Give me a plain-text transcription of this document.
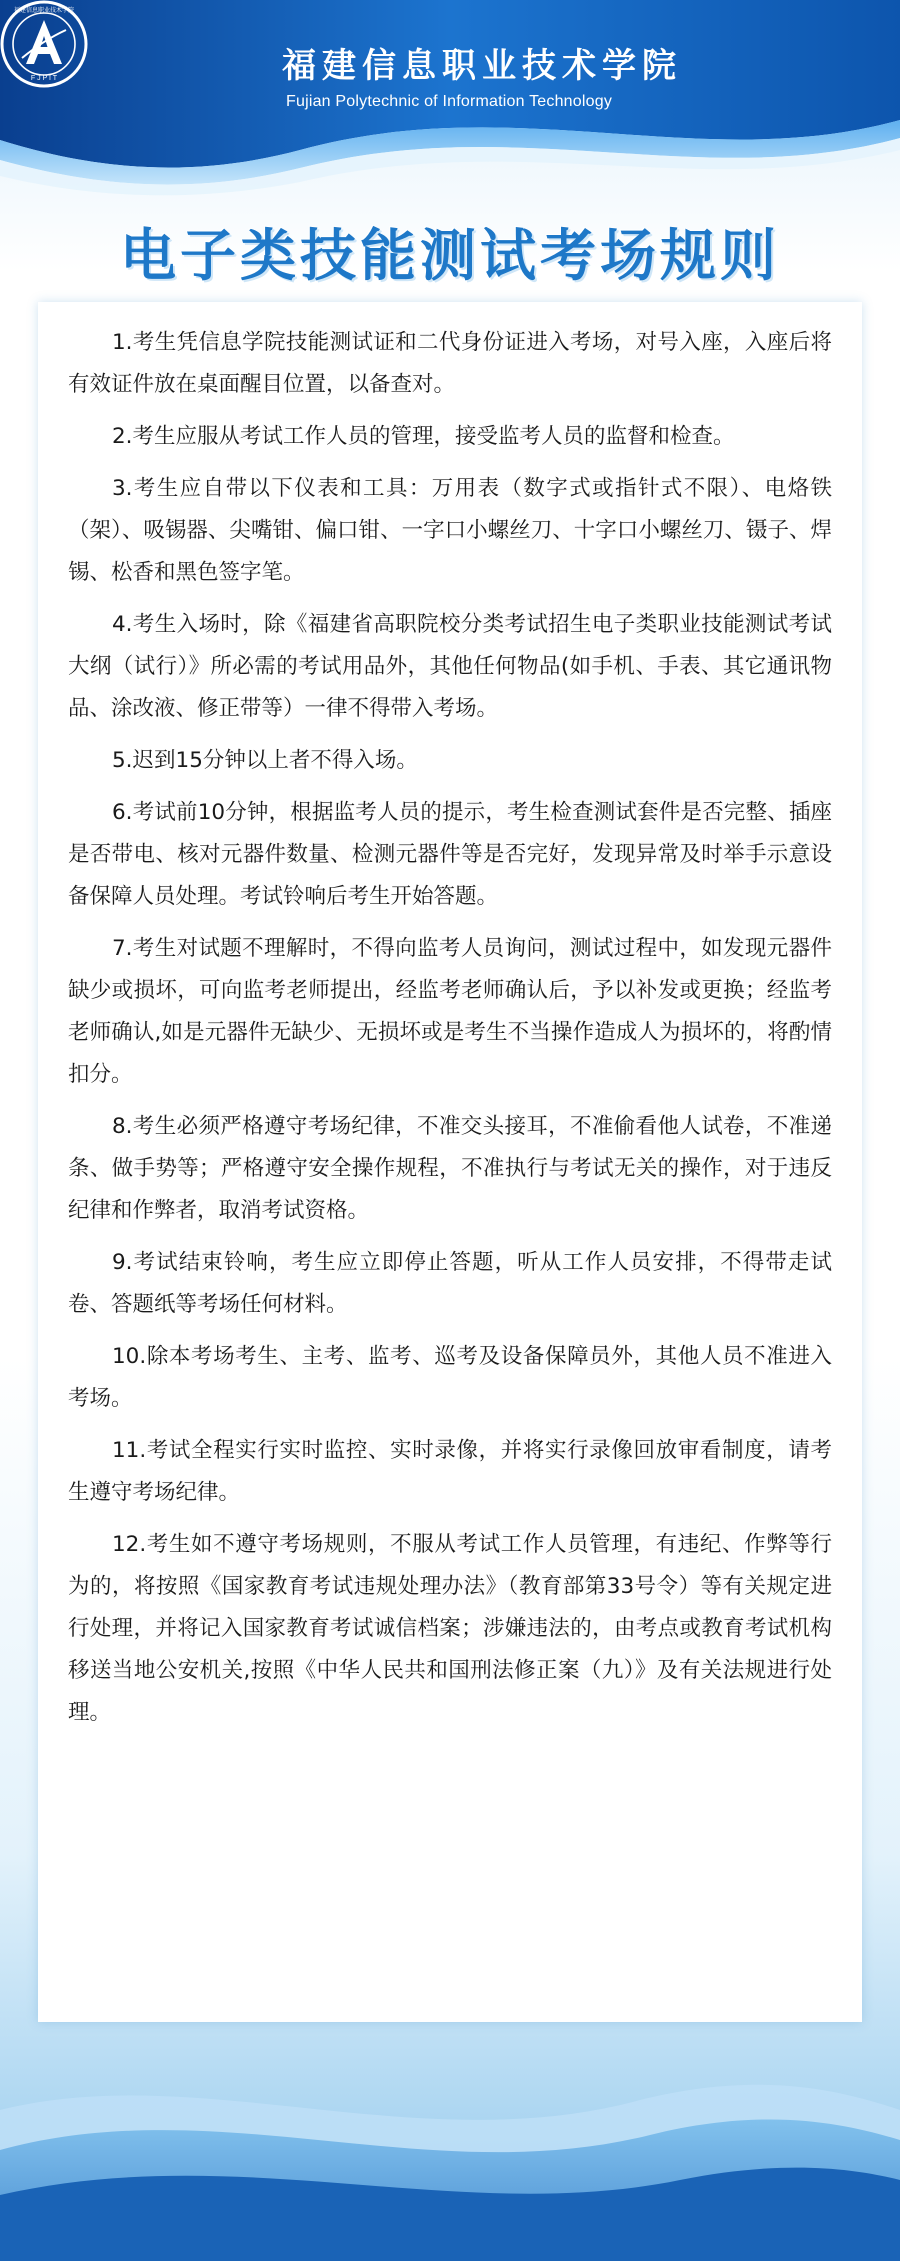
F J P I T
福建信息职业技术学院
福建信息职业技术学院
Fujian Polytechnic of Information Technology
电子类技能测试考场规则

1.考生凭信息学院技能测试证和二代身份证进入考场，对号入座，入座后将有效证件放在桌面醒目位置，以备查对。

2.考生应服从考试工作人员的管理，接受监考人员的监督和检查。

3.考生应自带以下仪表和工具：万用表（数字式或指针式不限）、电烙铁（架）、吸锡器、尖嘴钳、偏口钳、一字口小螺丝刀、十字口小螺丝刀、镊子、焊锡、松香和黑色签字笔。

4.考生入场时，除《福建省高职院校分类考试招生电子类职业技能测试考试大纲（试行）》所必需的考试用品外，其他任何物品(如手机、手表、其它通讯物品、涂改液、修正带等）一律不得带入考场。

5.迟到15分钟以上者不得入场。

6.考试前10分钟，根据监考人员的提示，考生检查测试套件是否完整、插座是否带电、核对元器件数量、检测元器件等是否完好，发现异常及时举手示意设备保障人员处理。考试铃响后考生开始答题。

7.考生对试题不理解时，不得向监考人员询问，测试过程中，如发现元器件缺少或损坏，可向监考老师提出，经监考老师确认后，予以补发或更换；经监考老师确认,如是元器件无缺少、无损坏或是考生不当操作造成人为损坏的，将酌情扣分。

8.考生必须严格遵守考场纪律，不准交头接耳，不准偷看他人试卷，不准递条、做手势等；严格遵守安全操作规程，不准执行与考试无关的操作，对于违反纪律和作弊者，取消考试资格。

9.考试结束铃响，考生应立即停止答题，听从工作人员安排，不得带走试卷、答题纸等考场任何材料。

10.除本考场考生、主考、监考、巡考及设备保障员外，其他人员不准进入考场。

11.考试全程实行实时监控、实时录像，并将实行录像回放审看制度，请考生遵守考场纪律。

12.考生如不遵守考场规则，不服从考试工作人员管理，有违纪、作弊等行为的，将按照《国家教育考试违规处理办法》（教育部第33号令）等有关规定进行处理，并将记入国家教育考试诚信档案；涉嫌违法的，由考点或教育考试机构移送当地公安机关,按照《中华人民共和国刑法修正案（九）》及有关法规进行处理。
